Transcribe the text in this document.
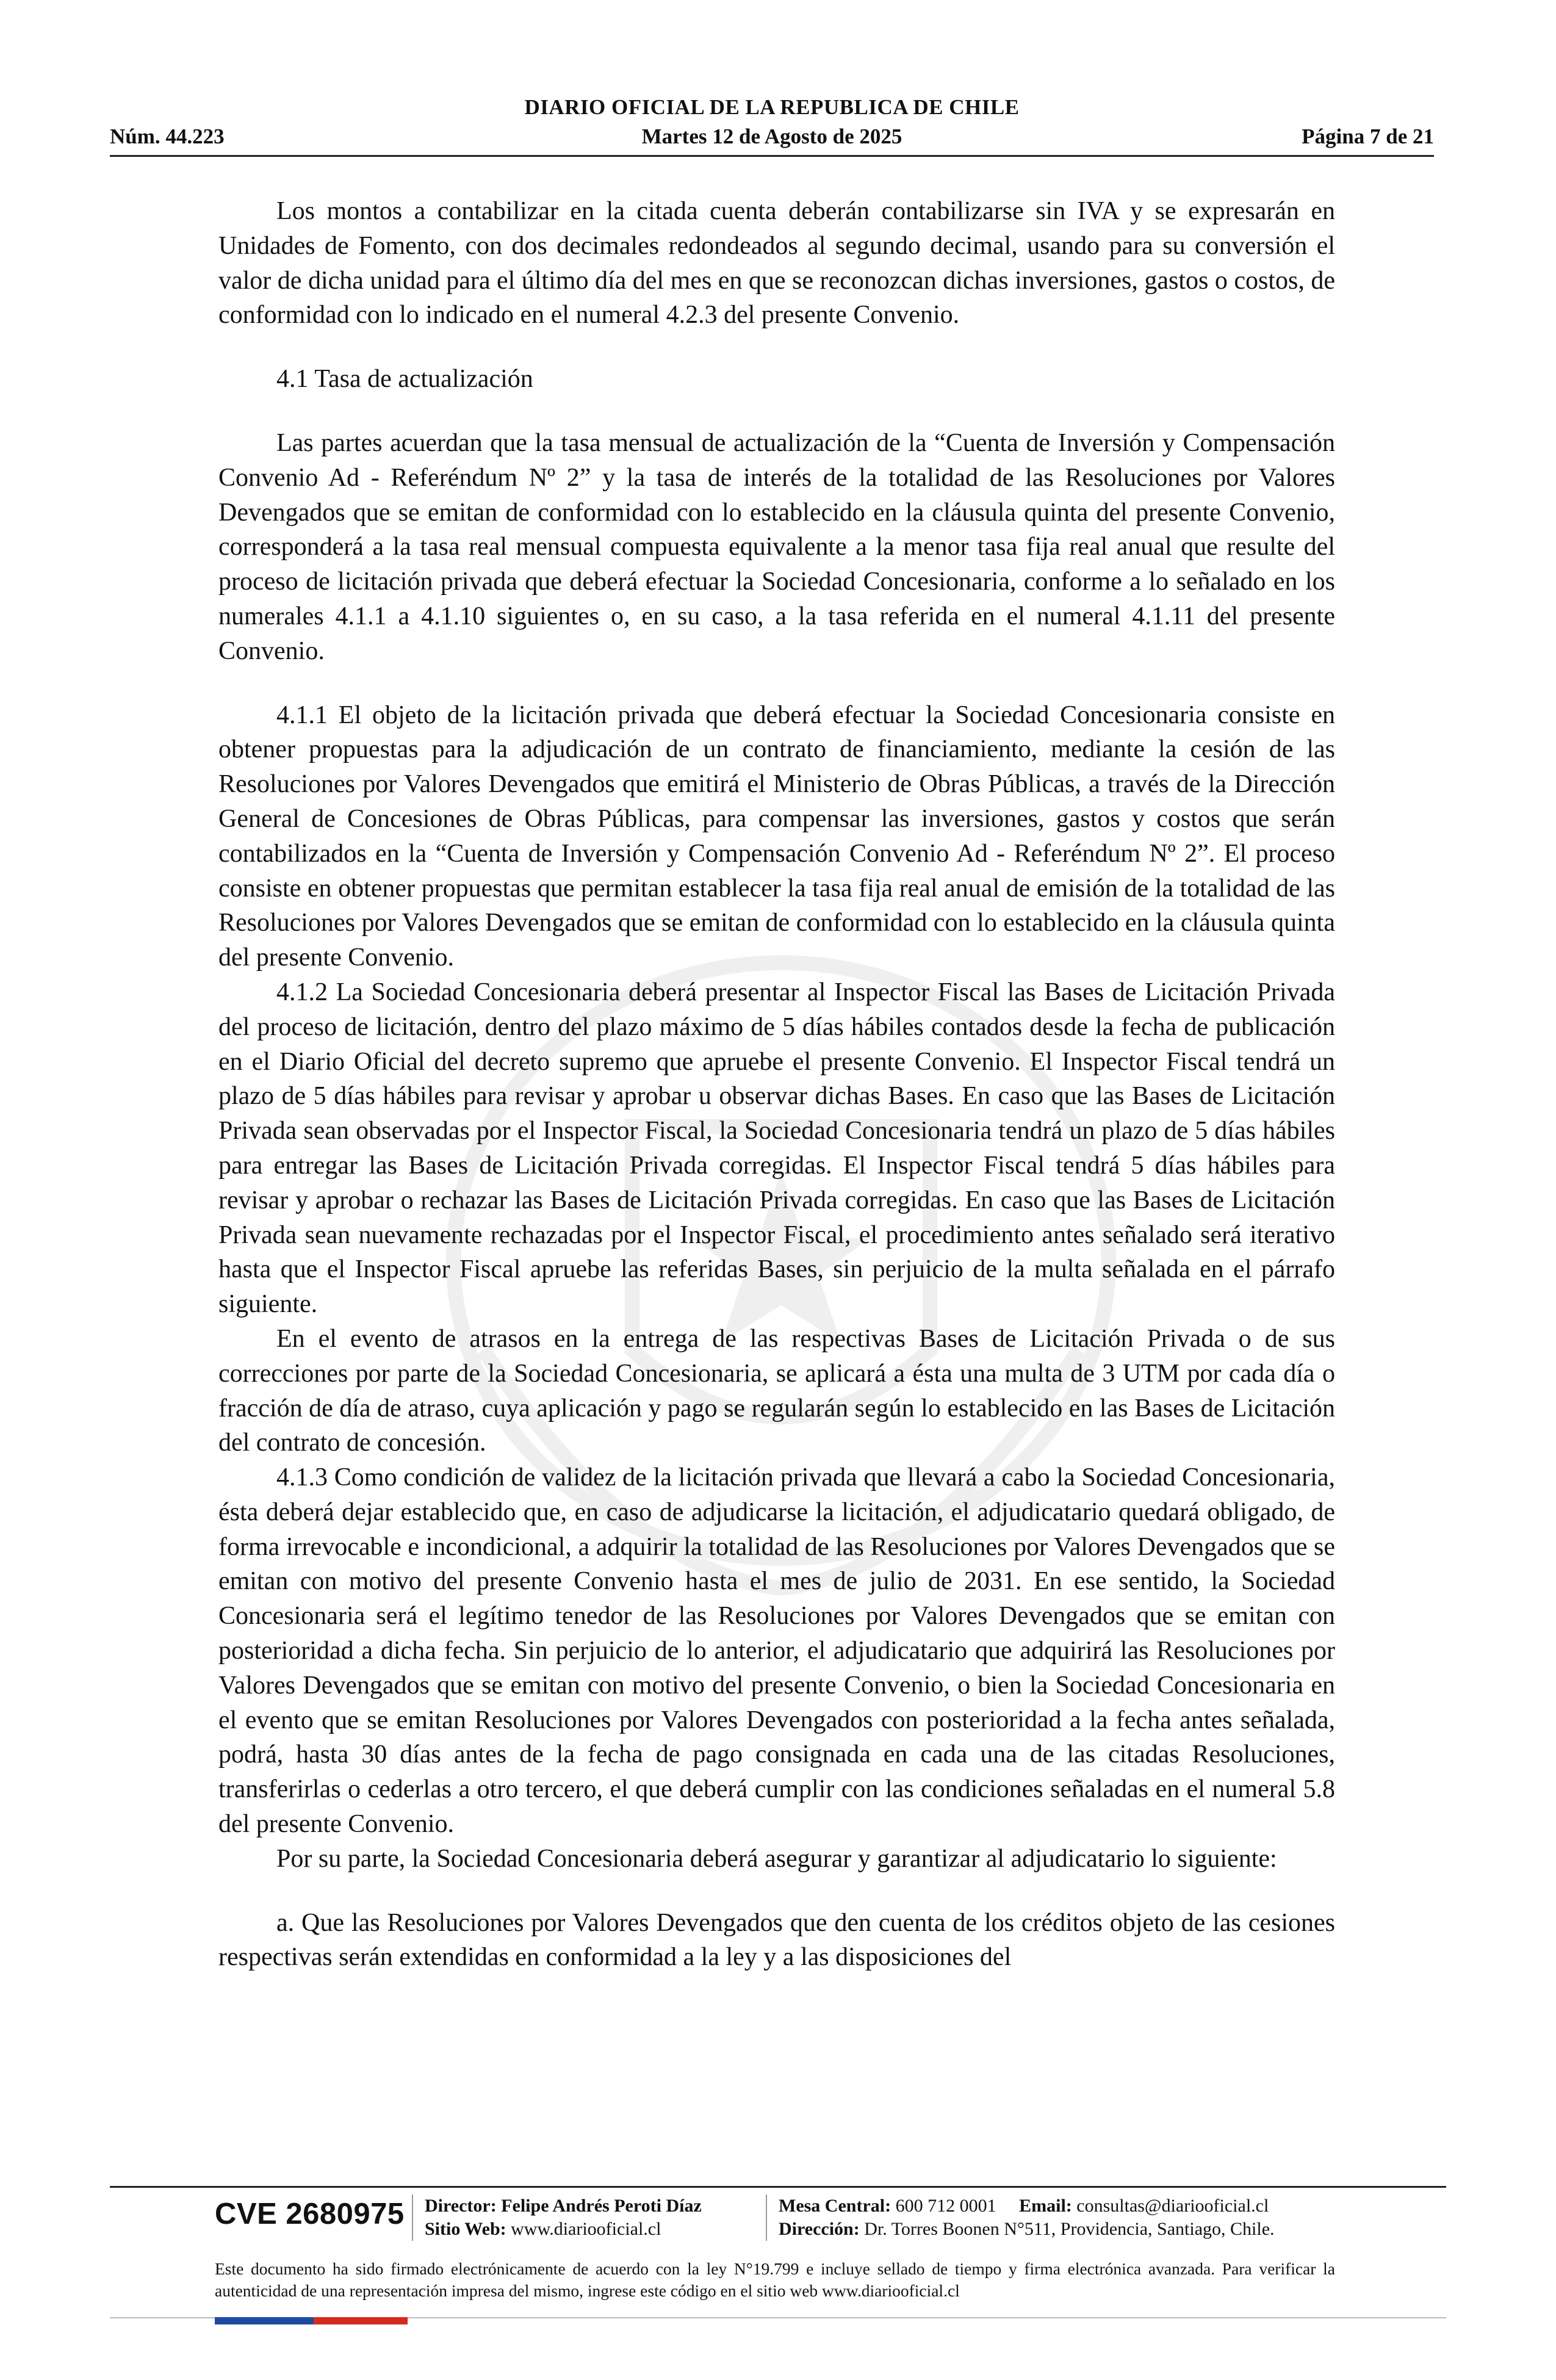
DIARIO OFICIAL DE LA REPUBLICA DE CHILE
Núm. 44.223	Martes 12 de Agosto de 2025	Página 7 de 21

Los montos a contabilizar en la citada cuenta deberán contabilizarse sin IVA y se expresarán en Unidades de Fomento, con dos decimales redondeados al segundo decimal, usando para su conversión el valor de dicha unidad para el último día del mes en que se reconozcan dichas inversiones, gastos o costos, de conformidad con lo indicado en el numeral 4.2.3 del presente Convenio.

4.1 Tasa de actualización

Las partes acuerdan que la tasa mensual de actualización de la “Cuenta de Inversión y Compensación Convenio Ad - Referéndum Nº 2” y la tasa de interés de la totalidad de las Resoluciones por Valores Devengados que se emitan de conformidad con lo establecido en la cláusula quinta del presente Convenio, corresponderá a la tasa real mensual compuesta equivalente a la menor tasa fija real anual que resulte del proceso de licitación privada que deberá efectuar la Sociedad Concesionaria, conforme a lo señalado en los numerales 4.1.1 a 4.1.10 siguientes o, en su caso, a la tasa referida en el numeral 4.1.11 del presente Convenio.

4.1.1 El objeto de la licitación privada que deberá efectuar la Sociedad Concesionaria consiste en obtener propuestas para la adjudicación de un contrato de financiamiento, mediante la cesión de las Resoluciones por Valores Devengados que emitirá el Ministerio de Obras Públicas, a través de la Dirección General de Concesiones de Obras Públicas, para compensar las inversiones, gastos y costos que serán contabilizados en la “Cuenta de Inversión y Compensación Convenio Ad - Referéndum Nº 2”. El proceso consiste en obtener propuestas que permitan establecer la tasa fija real anual de emisión de la totalidad de las Resoluciones por Valores Devengados que se emitan de conformidad con lo establecido en la cláusula quinta del presente Convenio.

4.1.2 La Sociedad Concesionaria deberá presentar al Inspector Fiscal las Bases de Licitación Privada del proceso de licitación, dentro del plazo máximo de 5 días hábiles contados desde la fecha de publicación en el Diario Oficial del decreto supremo que apruebe el presente Convenio. El Inspector Fiscal tendrá un plazo de 5 días hábiles para revisar y aprobar u observar dichas Bases. En caso que las Bases de Licitación Privada sean observadas por el Inspector Fiscal, la Sociedad Concesionaria tendrá un plazo de 5 días hábiles para entregar las Bases de Licitación Privada corregidas. El Inspector Fiscal tendrá 5 días hábiles para revisar y aprobar o rechazar las Bases de Licitación Privada corregidas. En caso que las Bases de Licitación Privada sean nuevamente rechazadas por el Inspector Fiscal, el procedimiento antes señalado será iterativo hasta que el Inspector Fiscal apruebe las referidas Bases, sin perjuicio de la multa señalada en el párrafo siguiente.

En el evento de atrasos en la entrega de las respectivas Bases de Licitación Privada o de sus correcciones por parte de la Sociedad Concesionaria, se aplicará a ésta una multa de 3 UTM por cada día o fracción de día de atraso, cuya aplicación y pago se regularán según lo establecido en las Bases de Licitación del contrato de concesión.

4.1.3 Como condición de validez de la licitación privada que llevará a cabo la Sociedad Concesionaria, ésta deberá dejar establecido que, en caso de adjudicarse la licitación, el adjudicatario quedará obligado, de forma irrevocable e incondicional, a adquirir la totalidad de las Resoluciones por Valores Devengados que se emitan con motivo del presente Convenio hasta el mes de julio de 2031. En ese sentido, la Sociedad Concesionaria será el legítimo tenedor de las Resoluciones por Valores Devengados que se emitan con posterioridad a dicha fecha. Sin perjuicio de lo anterior, el adjudicatario que adquirirá las Resoluciones por Valores Devengados que se emitan con motivo del presente Convenio, o bien la Sociedad Concesionaria en el evento que se emitan Resoluciones por Valores Devengados con posterioridad a la fecha antes señalada, podrá, hasta 30 días antes de la fecha de pago consignada en cada una de las citadas Resoluciones, transferirlas o cederlas a otro tercero, el que deberá cumplir con las condiciones señaladas en el numeral 5.8 del presente Convenio.

Por su parte, la Sociedad Concesionaria deberá asegurar y garantizar al adjudicatario lo siguiente:

a. Que las Resoluciones por Valores Devengados que den cuenta de los créditos objeto de las cesiones respectivas serán extendidas en conformidad a la ley y a las disposiciones del

CVE 2680975 Director: Felipe Andrés Peroti Díaz
Sitio Web: www.diariooficial.cl
Mesa Central: 600 712 0001 Email: consultas@diariooficial.cl
Dirección: Dr. Torres Boonen N°511, Providencia, Santiago, Chile.
Este documento ha sido firmado electrónicamente de acuerdo con la ley N°19.799 e incluye sellado de tiempo y firma electrónica avanzada. Para verificar la autenticidad de una representación impresa del mismo, ingrese este código en el sitio web www.diariooficial.cl
